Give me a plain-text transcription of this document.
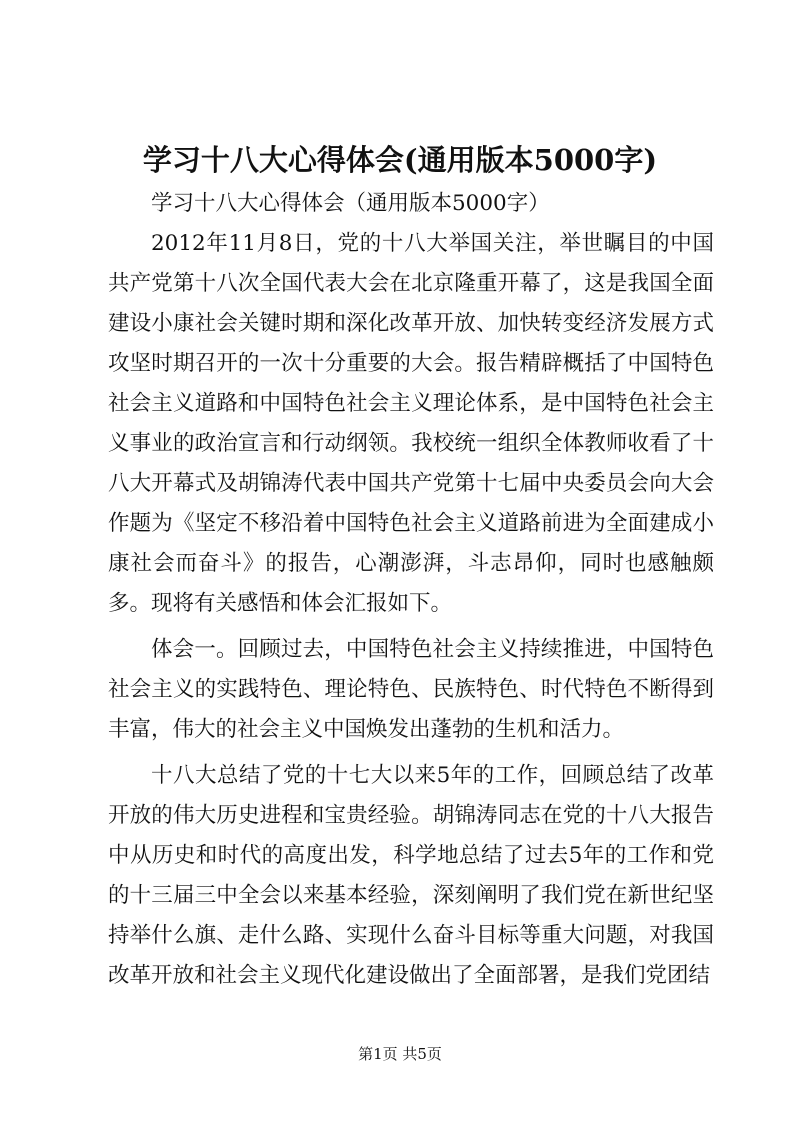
学习十八大心得体会(通用版本5000字)

学习十八大心得体会（通用版本5000字）

2012年11月8日，党的十八大举国关注，举世瞩目的中国共产党第十八次全国代表大会在北京隆重开幕了，这是我国全面建设小康社会关键时期和深化改革开放、加快转变经济发展方式攻坚时期召开的一次十分重要的大会。报告精辟概括了中国特色社会主义道路和中国特色社会主义理论体系，是中国特色社会主义事业的政治宣言和行动纲领。我校统一组织全体教师收看了十八大开幕式及胡锦涛代表中国共产党第十七届中央委员会向大会作题为《坚定不移沿着中国特色社会主义道路前进为全面建成小康社会而奋斗》的报告，心潮澎湃，斗志昂仰，同时也感触颇多。现将有关感悟和体会汇报如下。

体会一。回顾过去，中国特色社会主义持续推进，中国特色社会主义的实践特色、理论特色、民族特色、时代特色不断得到丰富，伟大的社会主义中国焕发出蓬勃的生机和活力。

十八大总结了党的十七大以来5年的工作，回顾总结了改革开放的伟大历史进程和宝贵经验。胡锦涛同志在党的十八大报告中从历史和时代的高度出发，科学地总结了过去5年的工作和党的十三届三中全会以来基本经验，深刻阐明了我们党在新世纪坚持举什么旗、走什么路、实现什么奋斗目标等重大问题，对我国改革开放和社会主义现代化建设做出了全面部署，是我们党团结

第1页 共5页
